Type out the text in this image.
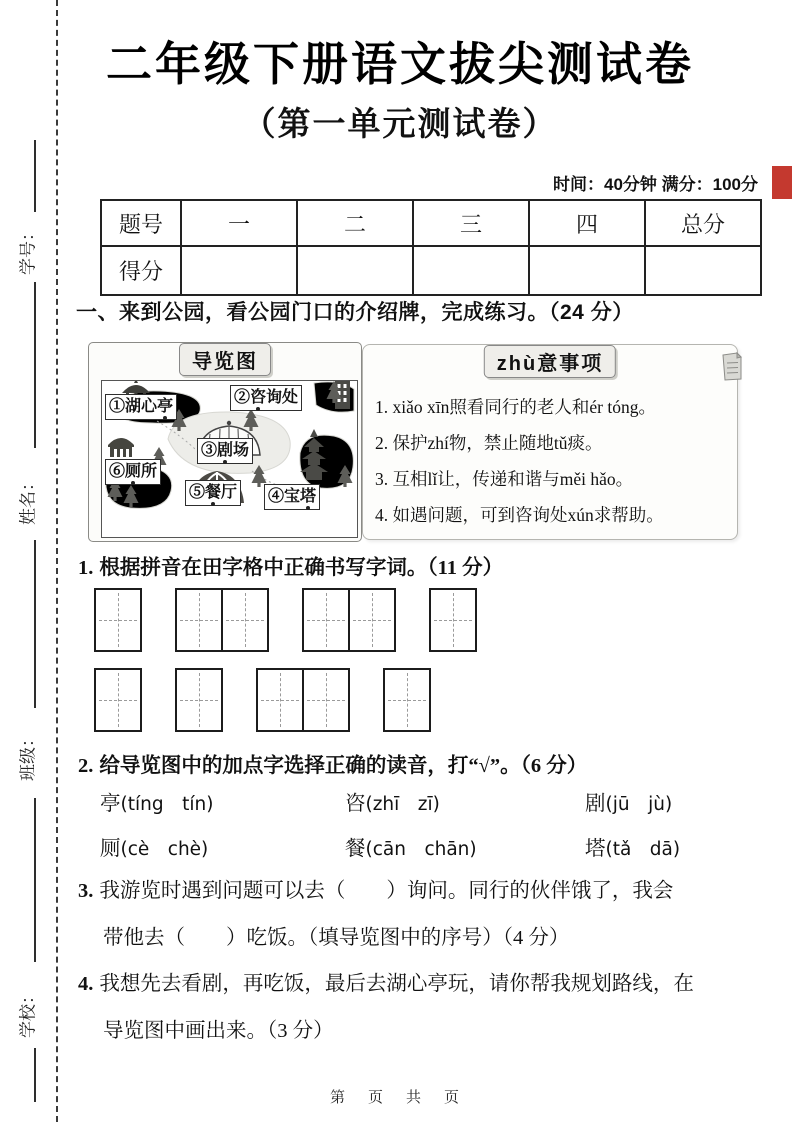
学号：
姓名：
班级：
学校：
二年级下册语文拔尖测试卷
（第一单元测试卷）
时间：40分钟 满分：100分
题号	一	二	三	四	总分
得分					
一、来到公园，看公园门口的介绍牌，完成练习。（24 分）
导览图
①湖心亭
②咨询处
③剧场
⑥厕所
⑤餐厅 ④宝塔
zhù意事项
1. xiǎo xīn照看同行的老人和ér tóng。
2. 保护zhí物，禁止随地tǔ痰。
3. 互相lǐ让，传递和谐与měi hǎo。
4. 如遇问题，可到咨询处xún求帮助。
1. 根据拼音在田字格中正确书写字词。（11 分）
2. 给导览图中的加点字选择正确的读音，打“√”。（6 分）
亭(tíng　tín)	咨(zhī　zī)	剧(jū　jù)
厕(cè　chè)	餐(cān　chān)	塔(tǎ　dā)
3. 我游览时遇到问题可以去（　　）询问。同行的伙伴饿了，我会
带他去（　　）吃饭。（填导览图中的序号）（4 分）
4. 我想先去看剧，再吃饭，最后去湖心亭玩，请你帮我规划路线，在
导览图中画出来。（3 分）
第　页　共　页
